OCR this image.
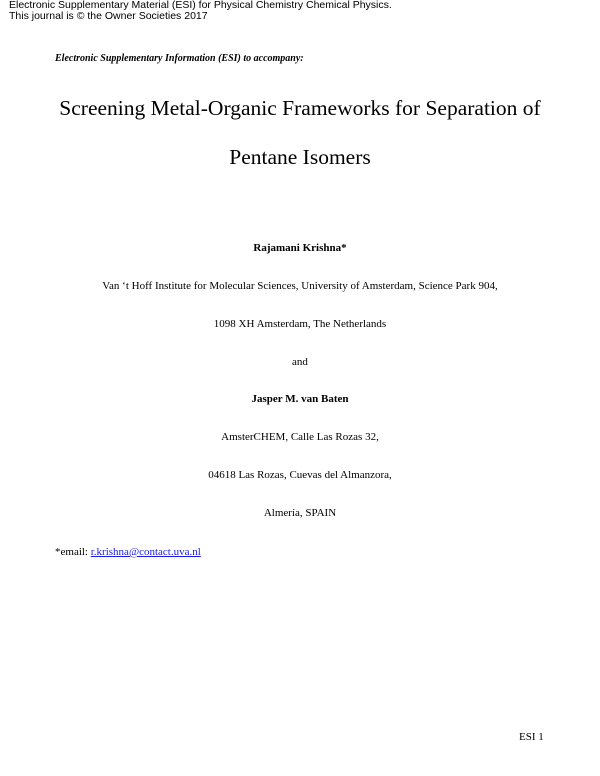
Electronic Supplementary Material (ESI) for Physical Chemistry Chemical Physics.
This journal is © the Owner Societies 2017
Electronic Supplementary Information (ESI) to accompany:
Screening Metal-Organic Frameworks for Separation of
Pentane Isomers
Rajamani Krishna*
Van ‘t Hoff Institute for Molecular Sciences, University of Amsterdam, Science Park 904,
1098 XH Amsterdam, The Netherlands
and
Jasper M. van Baten
AmsterCHEM, Calle Las Rozas 32,
04618 Las Rozas, Cuevas del Almanzora,
Almería, SPAIN
*email: r.krishna@contact.uva.nl
ESI 1
